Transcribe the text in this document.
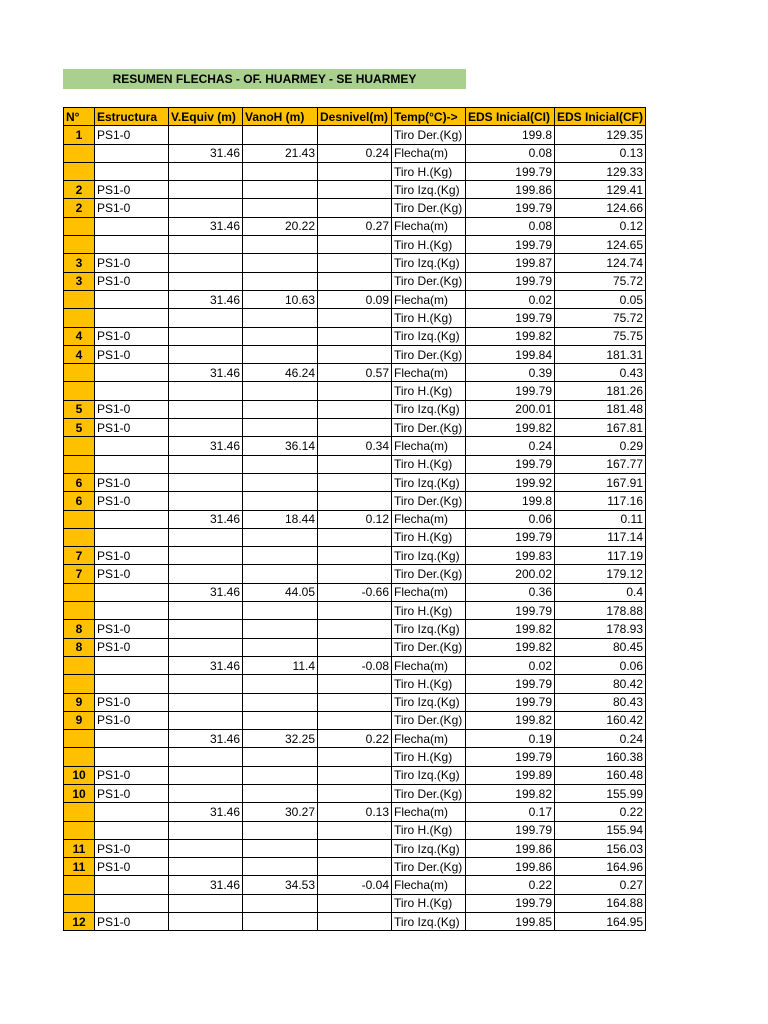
RESUMEN FLECHAS - OF. HUARMEY - SE HUARMEY
N°	Estructura	V.Equiv (m)	VanoH (m)	Desnivel(m)	Temp(°C)->	EDS Inicial(CI)	EDS Inicial(CF)
1	PS1-0				Tiro Der.(Kg)	199.8	129.35
		31.46	21.43	0.24	Flecha(m)	0.08	0.13
					Tiro H.(Kg)	199.79	129.33
2	PS1-0				Tiro Izq.(Kg)	199.86	129.41
2	PS1-0				Tiro Der.(Kg)	199.79	124.66
		31.46	20.22	0.27	Flecha(m)	0.08	0.12
					Tiro H.(Kg)	199.79	124.65
3	PS1-0				Tiro Izq.(Kg)	199.87	124.74
3	PS1-0				Tiro Der.(Kg)	199.79	75.72
		31.46	10.63	0.09	Flecha(m)	0.02	0.05
					Tiro H.(Kg)	199.79	75.72
4	PS1-0				Tiro Izq.(Kg)	199.82	75.75
4	PS1-0				Tiro Der.(Kg)	199.84	181.31
		31.46	46.24	0.57	Flecha(m)	0.39	0.43
					Tiro H.(Kg)	199.79	181.26
5	PS1-0				Tiro Izq.(Kg)	200.01	181.48
5	PS1-0				Tiro Der.(Kg)	199.82	167.81
		31.46	36.14	0.34	Flecha(m)	0.24	0.29
					Tiro H.(Kg)	199.79	167.77
6	PS1-0				Tiro Izq.(Kg)	199.92	167.91
6	PS1-0				Tiro Der.(Kg)	199.8	117.16
		31.46	18.44	0.12	Flecha(m)	0.06	0.11
					Tiro H.(Kg)	199.79	117.14
7	PS1-0				Tiro Izq.(Kg)	199.83	117.19
7	PS1-0				Tiro Der.(Kg)	200.02	179.12
		31.46	44.05	-0.66	Flecha(m)	0.36	0.4
					Tiro H.(Kg)	199.79	178.88
8	PS1-0				Tiro Izq.(Kg)	199.82	178.93
8	PS1-0				Tiro Der.(Kg)	199.82	80.45
		31.46	11.4	-0.08	Flecha(m)	0.02	0.06
					Tiro H.(Kg)	199.79	80.42
9	PS1-0				Tiro Izq.(Kg)	199.79	80.43
9	PS1-0				Tiro Der.(Kg)	199.82	160.42
		31.46	32.25	0.22	Flecha(m)	0.19	0.24
					Tiro H.(Kg)	199.79	160.38
10	PS1-0				Tiro Izq.(Kg)	199.89	160.48
10	PS1-0				Tiro Der.(Kg)	199.82	155.99
		31.46	30.27	0.13	Flecha(m)	0.17	0.22
					Tiro H.(Kg)	199.79	155.94
11	PS1-0				Tiro Izq.(Kg)	199.86	156.03
11	PS1-0				Tiro Der.(Kg)	199.86	164.96
		31.46	34.53	-0.04	Flecha(m)	0.22	0.27
					Tiro H.(Kg)	199.79	164.88
12	PS1-0				Tiro Izq.(Kg)	199.85	164.95
